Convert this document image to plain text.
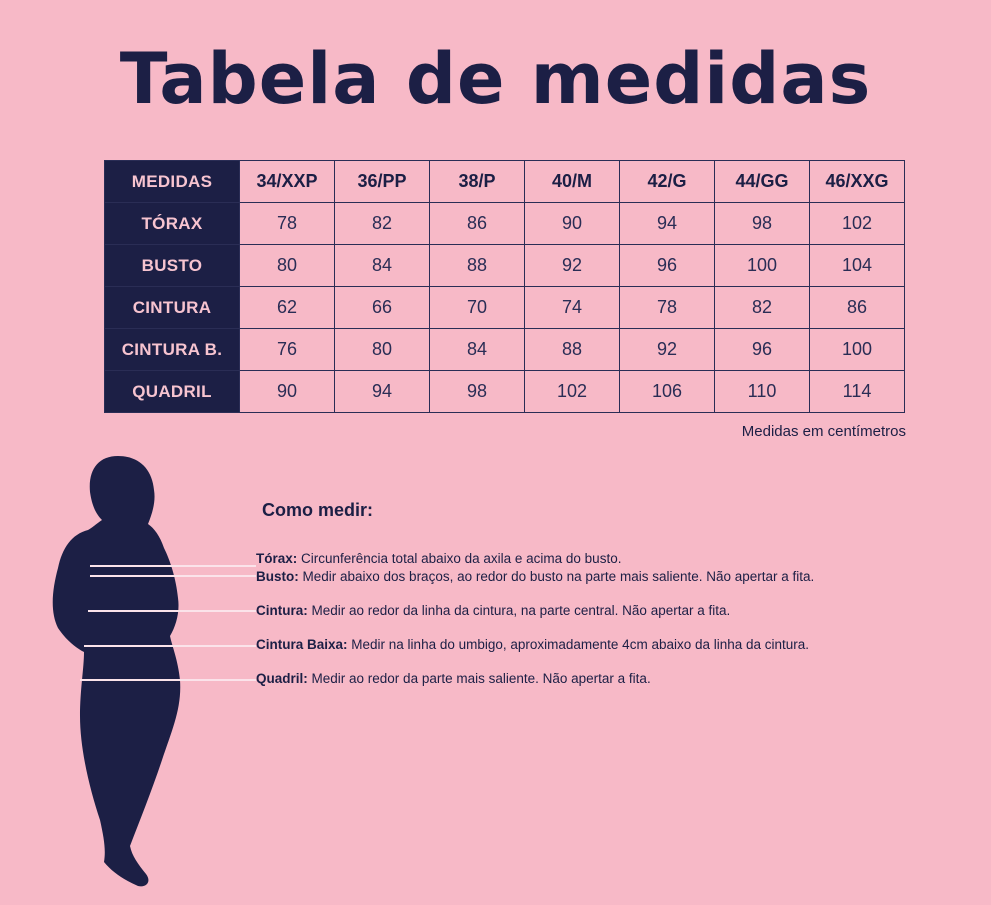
Tabela de medidas
MEDIDAS	34/XXP	36/PP	38/P	40/M	42/G	44/GG	46/XXG
TÓRAX	78	82	86	90	94	98	102
BUSTO	80	84	88	92	96	100	104
CINTURA	62	66	70	74	78	82	86
CINTURA B.	76	80	84	88	92	96	100
QUADRIL	90	94	98	102	106	110	114
Medidas em centímetros
Como medir:
Tórax: Circunferência total abaixo da axila e acima do busto.
Busto: Medir abaixo dos braços, ao redor do busto na parte mais saliente. Não apertar a fita.
Cintura: Medir ao redor da linha da cintura, na parte central. Não apertar a fita.
Cintura Baixa: Medir na linha do umbigo, aproximadamente 4cm abaixo da linha da cintura.
Quadril: Medir ao redor da parte mais saliente. Não apertar a fita.
